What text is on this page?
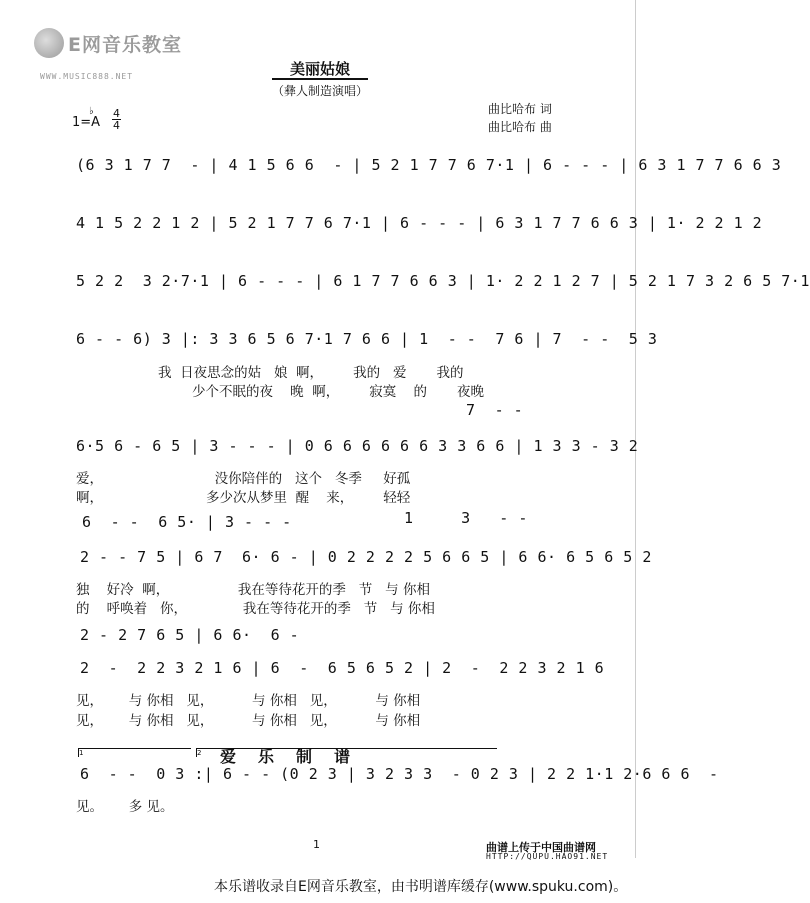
E网音乐教室
WWW.MUSIC888.NET	美丽姑娘
（彝人制造演唱）
1=A
♭ 4
4
曲比哈布 词
曲比哈布 曲
(6 3 1 7 7  - | 4 1 5 6 6  - | 5 2 1 7 7 6 7·1 | 6 - - - | 6 3 1 7 7 6 6 3
4 1 5 2 2 1 2 | 5 2 1 7 7 6 7·1 | 6 - - - | 6 3 1 7 7 6 6 3 | 1· 2 2 1 2
5 2 2  3 2·7·1 | 6 - - - | 6 1 7 7 6 6 3 | 1· 2 2 1 2 7 | 5 2 1 7 3 2 6 5 7·1
6 - - 6) 3 |: 3 3 6 5 6 7·1 7 6 6 | 1  - -  7 6 | 7  - -  5 3
我  日夜思念的姑   娘  啊，       我的   爱       我的
少个不眠的夜    晚  啊，       寂寞    的       夜晚
7  - -
6·5 6 - 6 5 | 3 - - - | 0 6 6 6 6 6 6 3 3 6 6 | 1 3 3 - 3 2
爱，                          没你陪伴的   这个   冬季     好孤
啊，                        多少次从梦里  醒    来，       轻轻
6  - -  6 5· | 3 - - -	1     3   - -
2 - - 7 5 | 6 7  6· 6 - | 0 2 2 2 2 5 6 6 5 | 6 6· 6 5 6 5 2
独    好冷  啊，                我在等待花开的季   节   与 你相
的    呼唤着   你，             我在等待花开的季   节   与 你相
2 - 2 7 6 5 | 6 6·  6 -
2  -  2 2 3 2 1 6 | 6  -  6 5 6 5 2 | 2  -  2 2 3 2 1 6
见，      与 你相   见，         与 你相   见，         与 你相
见，      与 你相   见，         与 你相   见，         与 你相
1	2	爱乐制谱
6  - -  0 3 :| 6 - - (0 2 3 | 3 2 3 3  - 0 2 3 | 2 2 1·1 2·6 6 6  -
见。      多 见。
1	曲谱上传于中国曲谱网
HTTP://QUPU.HAO91.NET
本乐谱收录自E网音乐教室，由书明谱库缓存(www.spuku.com)。
